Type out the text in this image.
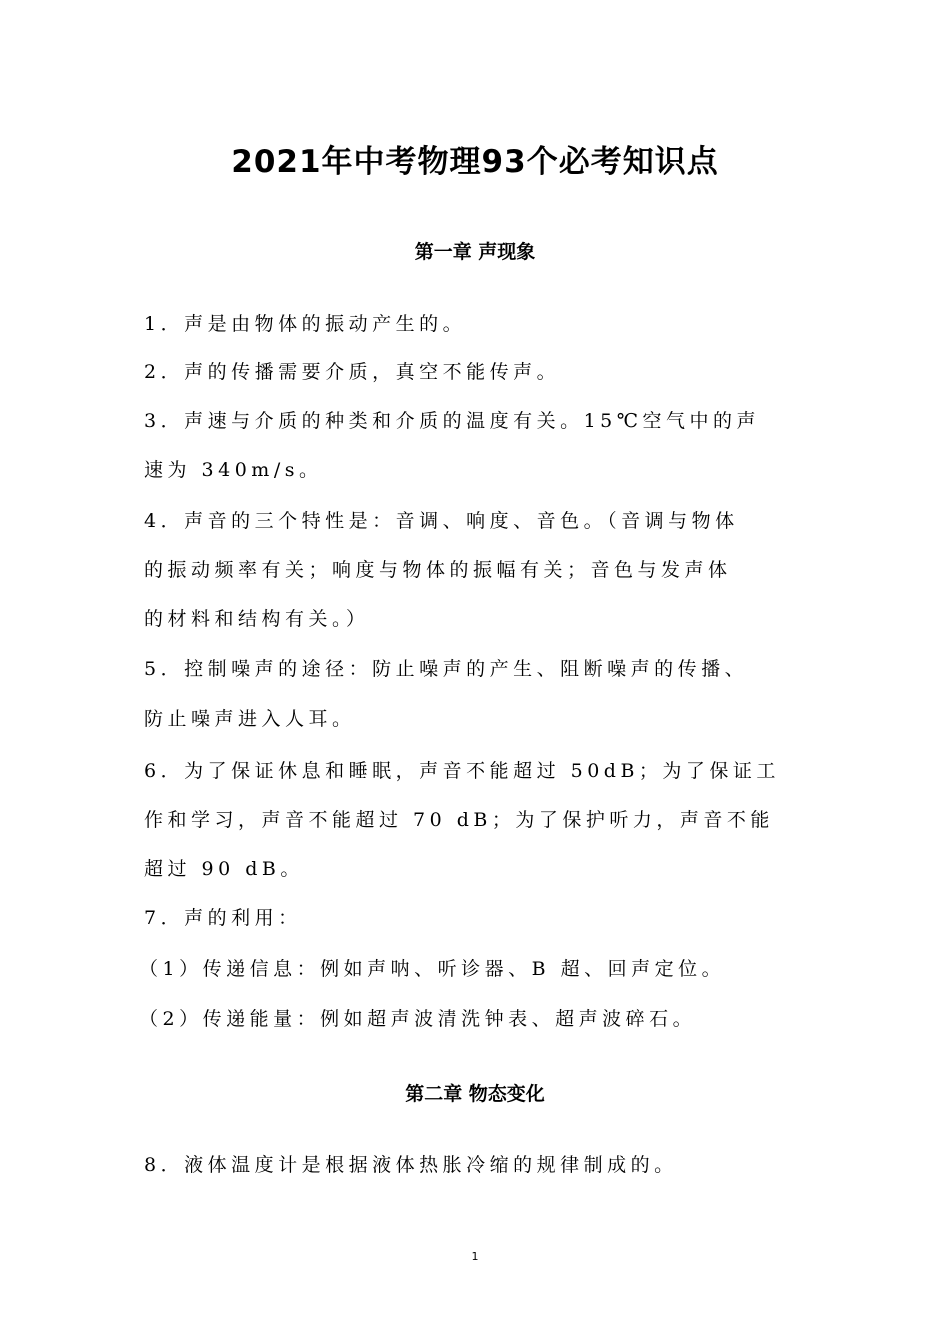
2021年中考物理93个必考知识点
第一章 声现象

1．声是由物体的振动产生的。

2．声的传播需要介质，真空不能传声。

3．声速与介质的种类和介质的温度有关。15℃空气中的声

速为 340m/s。

4．声音的三个特性是：音调、响度、音色。（音调与物体

的振动频率有关；响度与物体的振幅有关；音色与发声体

的材料和结构有关。）

5．控制噪声的途径：防止噪声的产生、阻断噪声的传播、

防止噪声进入人耳。

6．为了保证休息和睡眠，声音不能超过 50dB；为了保证工

作和学习，声音不能超过 70 dB；为了保护听力，声音不能

超过 90 dB。

7．声的利用：

（1）传递信息：例如声呐、听诊器、B 超、回声定位。

（2）传递能量：例如超声波清洗钟表、超声波碎石。

第二章 物态变化

8．液体温度计是根据液体热胀冷缩的规律制成的。

1
